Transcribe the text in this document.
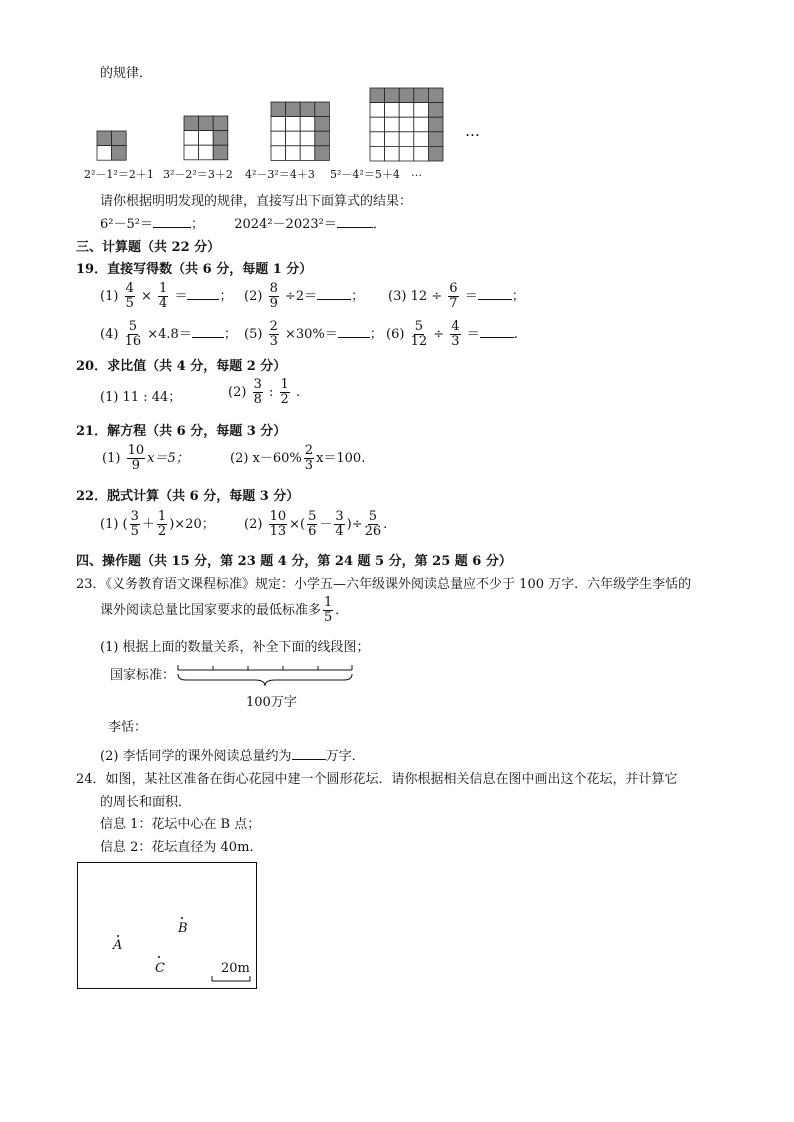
的规律．
…
2²－1²＝2＋1 3²－2²＝3＋2 4²－3²＝4＋3 5²－4²＝5＋4 …
请你根据明明发现的规律，直接写出下面算式的结果：
6²－5²＝	； 2024²－2023²＝	．
三、计算题（共 22 分）
19．直接写得数（共 6 分，每题 1 分）
$(1) \frac{4}{5} \times \frac{1}{4}$ ＝ ； $(2) \frac{8}{9} \div 2=$	； (3) $12 \div \frac{6}{7}$ ＝	；
$(4) \frac{5}{16} \times 4.8=$ ； $(5) \frac{2}{3} \times 30\%=$ ； $(6) \frac{5}{12} \div \frac{4}{3}$ ＝	.
20．求比值（共 4 分，每题 2 分）
(1) 11 : 44；	$(2) \frac{3}{8}$ : $\frac{1}{2}$ .
21．解方程（共 6 分，每题 3 分）
$(1) \frac{10}{9} x=5$；	(2) $x-60\% \frac{2}{3} x=100$.
22．脱式计算（共 6 分，每题 3 分）
(1) ( $\frac{3}{5} + \frac{1}{2} )\times 20$； $(2) \frac{10}{13}$ ×( $\frac{5}{6} - \frac{3}{4}$ )÷ $\frac{5}{26}$ .
四、操作题（共 15 分，第 23 题 4 分，第 24 题 5 分，第 25 题 6 分）
23．《义务教育语文课程标准》规定：小学五—六年级课外阅读总量应不少于 100 万字．六年级学生李恬的
课外阅读总量比国家要求的最低标准多 $\frac{1}{5}$ ．
(1) 根据上面的数量关系，补全下面的线段图；
国家标准：
100万字
李恬：
(2) 李恬同学的课外阅读总量约为	万字．
24．如图，某社区准备在街心花园中建一个圆形花坛．请你根据相关信息在图中画出这个花坛，并计算它
的周长和面积．
信息 1：花坛中心在 B 点；
信息 2：花坛直径为 40m.
B
A
C	20m
